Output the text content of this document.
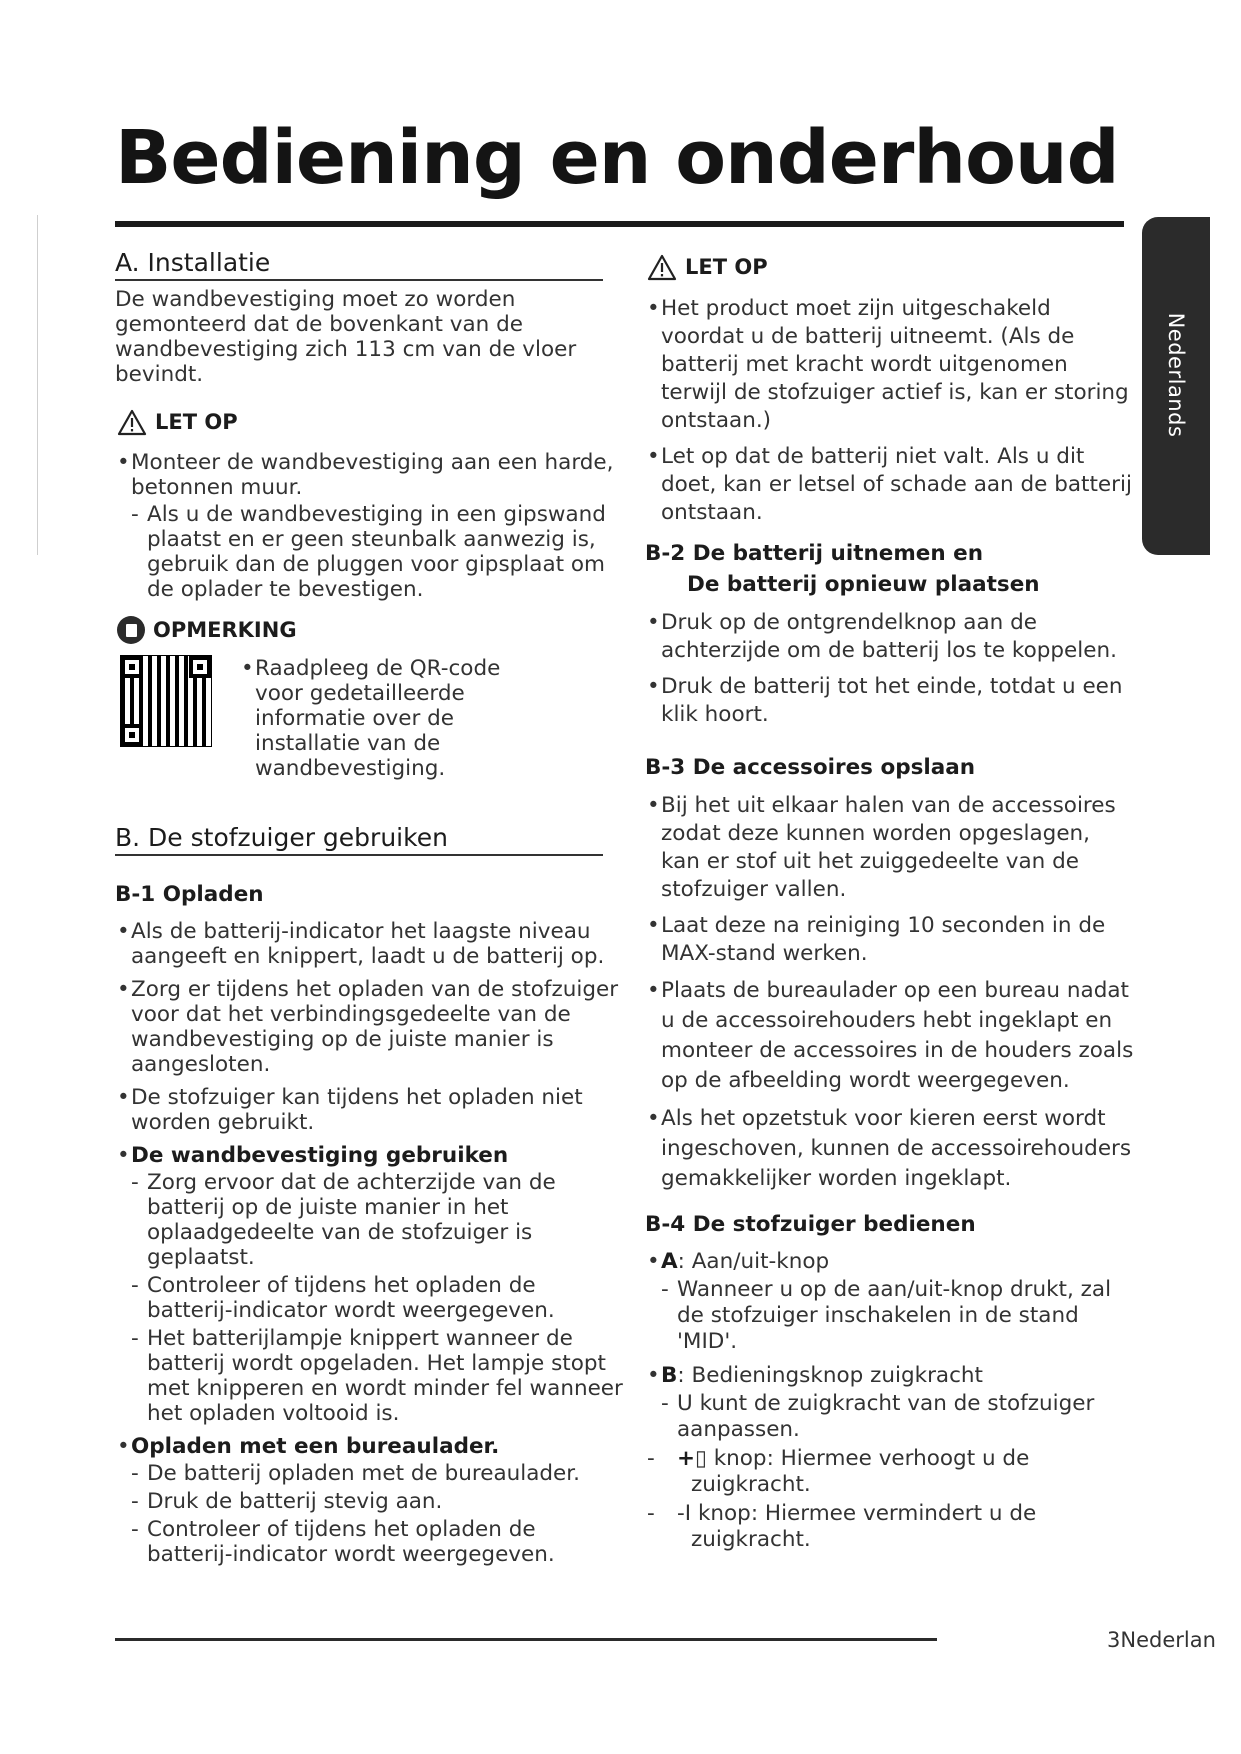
Bediening en onderhoud
Nederlands
A. Installatie

De wandbevestiging moet zo worden gemonteerd dat de bovenkant van de wandbevestiging zich 113 cm van de vloer bevindt.

LET OP
• Monteer de wandbevestiging aan een harde, betonnen muur.
- Als u de wandbevestiging in een gipswand plaatst en er geen steunbalk aanwezig is, gebruik dan de pluggen voor gipsplaat om de oplader te bevestigen.
OPMERKING
• Raadpleeg de QR-code voor gedetailleerde informatie over de installatie van de wandbevestiging.
B. De stofzuiger gebruiken
B-1 Opladen
• Als de batterij-indicator het laagste niveau aangeeft en knippert, laadt u de batterij op.
• Zorg er tijdens het opladen van de stofzuiger voor dat het verbindingsgedeelte van de wandbevestiging op de juiste manier is aangesloten.
• De stofzuiger kan tijdens het opladen niet worden gebruikt.
• De wandbevestiging gebruiken
- Zorg ervoor dat de achterzijde van de batterij op de juiste manier in het oplaadgedeelte van de stofzuiger is geplaatst.
- Controleer of tijdens het opladen de batterij-indicator wordt weergegeven.
- Het batterijlampje knippert wanneer de batterij wordt opgeladen. Het lampje stopt met knipperen en wordt minder fel wanneer het opladen voltooid is.
• Opladen met een bureaulader.
- De batterij opladen met de bureaulader.
- Druk de batterij stevig aan.
- Controleer of tijdens het opladen de batterij-indicator wordt weergegeven.
LET OP
• Het product moet zijn uitgeschakeld voordat u de batterij uitneemt. (Als de batterij met kracht wordt uitgenomen terwijl de stofzuiger actief is, kan er storing ontstaan.)
• Let op dat de batterij niet valt. Als u dit doet, kan er letsel of schade aan de batterij ontstaan.
B-2 De batterij uitnemen en
De batterij opnieuw plaatsen
• Druk op de ontgrendelknop aan de achterzijde om de batterij los te koppelen.
• Druk de batterij tot het einde, totdat u een klik hoort.
B-3 De accessoires opslaan
• Bij het uit elkaar halen van de accessoires zodat deze kunnen worden opgeslagen, kan er stof uit het zuiggedeelte van de stofzuiger vallen.
• Laat deze na reiniging 10 seconden in de MAX-stand werken.
• Plaats de bureaulader op een bureau nadat u de accessoirehouders hebt ingeklapt en monteer de accessoires in de houders zoals op de afbeelding wordt weergegeven.
• Als het opzetstuk voor kieren eerst wordt ingeschoven, kunnen de accessoirehouders gemakkelijker worden ingeklapt.
B-4 De stofzuiger bedienen
• A: Aan/uit-knop
- Wanneer u op de aan/uit-knop drukt, zal de stofzuiger inschakelen in de stand 'MID'.
• B: Bedieningsknop zuigkracht
- U kunt de zuigkracht van de stofzuiger aanpassen.
- +▯ knop: Hiermee verhoogt u de zuigkracht.
- -Ⅰ knop: Hiermee vermindert u de zuigkracht.
3Nederlan
